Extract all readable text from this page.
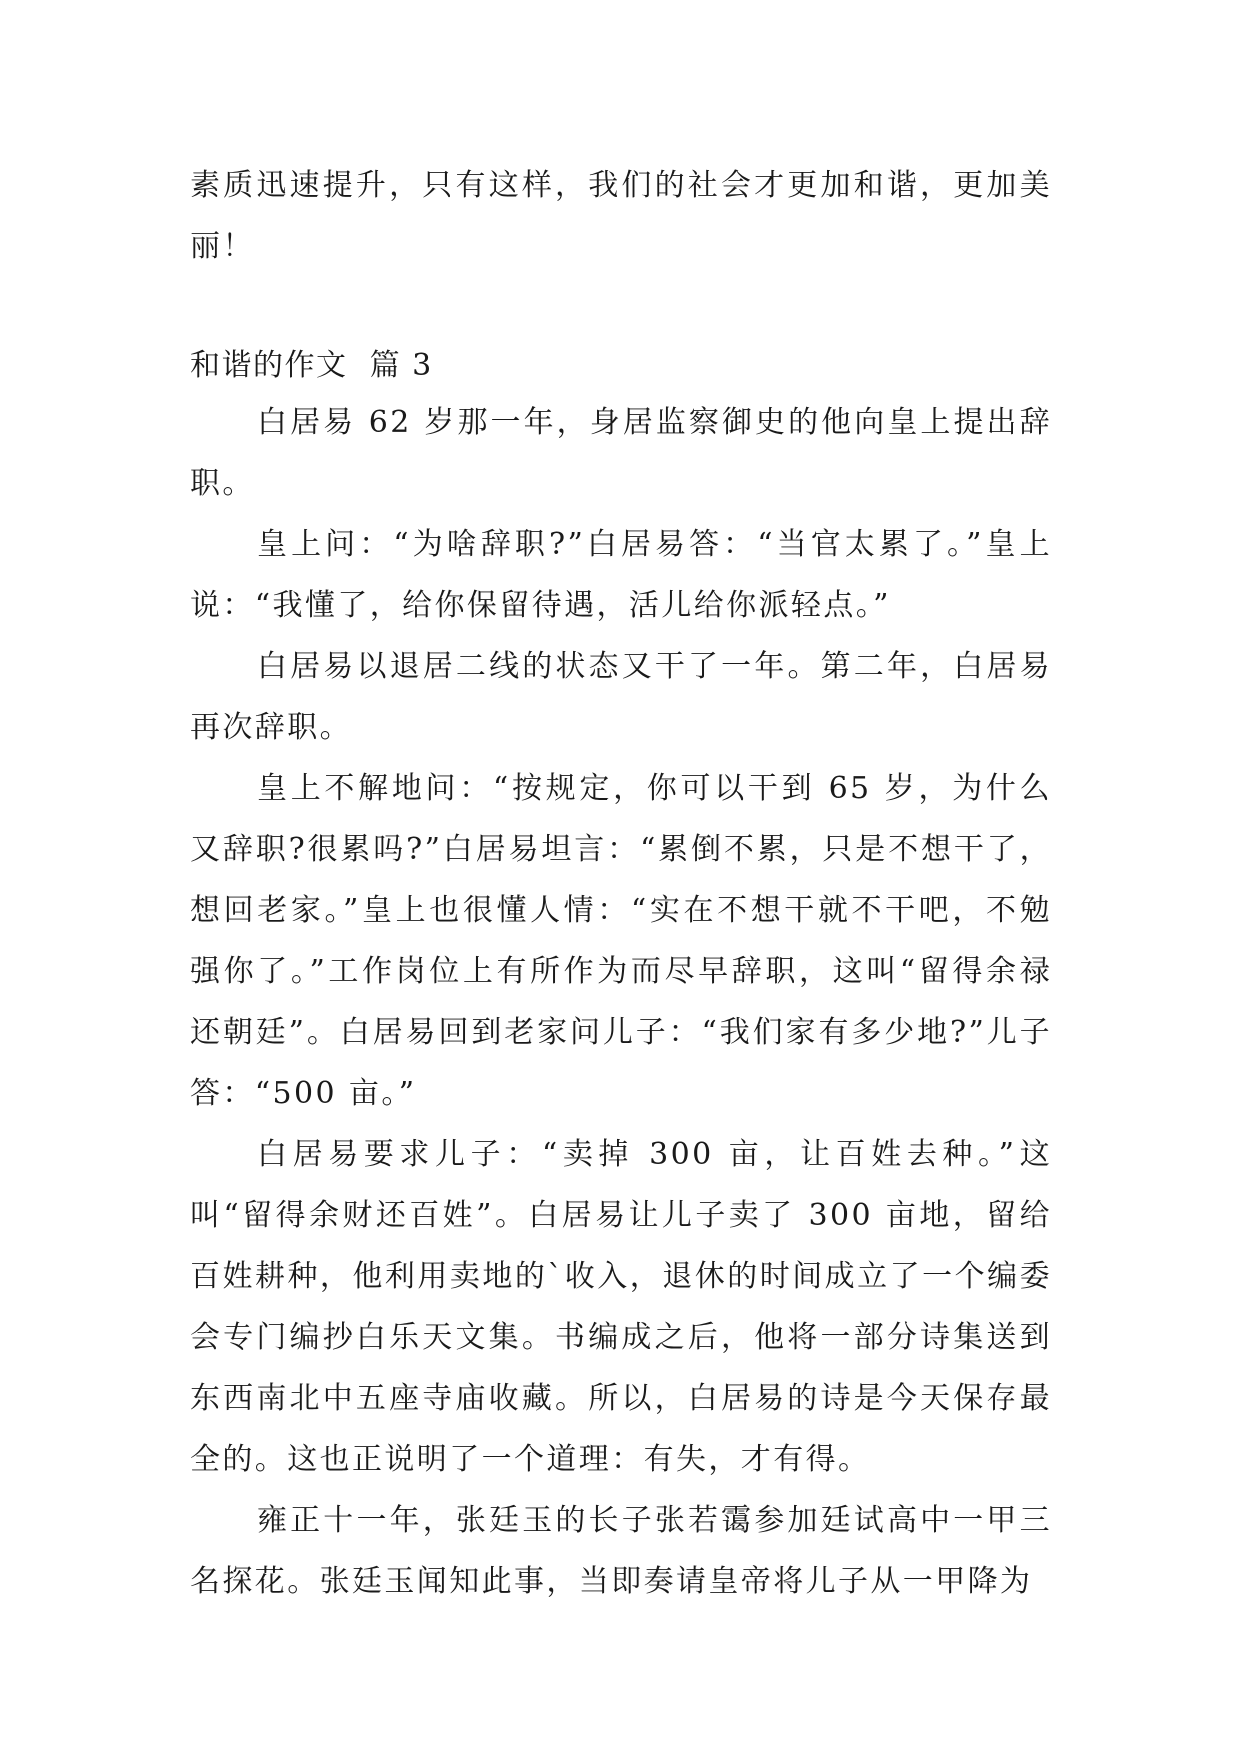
素质迅速提升，只有这样，我们的社会才更加和谐，更加美丽！

和谐的作文  篇 3

白居易 62 岁那一年，身居监察御史的他向皇上提出辞职。

皇上问：“为啥辞职?”白居易答：“当官太累了。”皇上说：“我懂了，给你保留待遇，活儿给你派轻点。”

白居易以退居二线的状态又干了一年。第二年，白居易再次辞职。

皇上不解地问：“按规定，你可以干到 65 岁，为什么又辞职?很累吗?”白居易坦言：“累倒不累，只是不想干了，想回老家。”皇上也很懂人情：“实在不想干就不干吧，不勉强你了。”工作岗位上有所作为而尽早辞职，这叫“留得余禄还朝廷”。白居易回到老家问儿子：“我们家有多少地?”儿子答：“500 亩。”

白居易要求儿子：“卖掉 300 亩，让百姓去种。”这叫“留得余财还百姓”。白居易让儿子卖了 300 亩地，留给百姓耕种，他利用卖地的`收入，退休的时间成立了一个编委会专门编抄白乐天文集。书编成之后，他将一部分诗集送到东西南北中五座寺庙收藏。所以，白居易的诗是今天保存最全的。这也正说明了一个道理：有失，才有得。

雍正十一年，张廷玉的长子张若霭参加廷试高中一甲三名探花。张廷玉闻知此事，当即奏请皇帝将儿子从一甲降为
